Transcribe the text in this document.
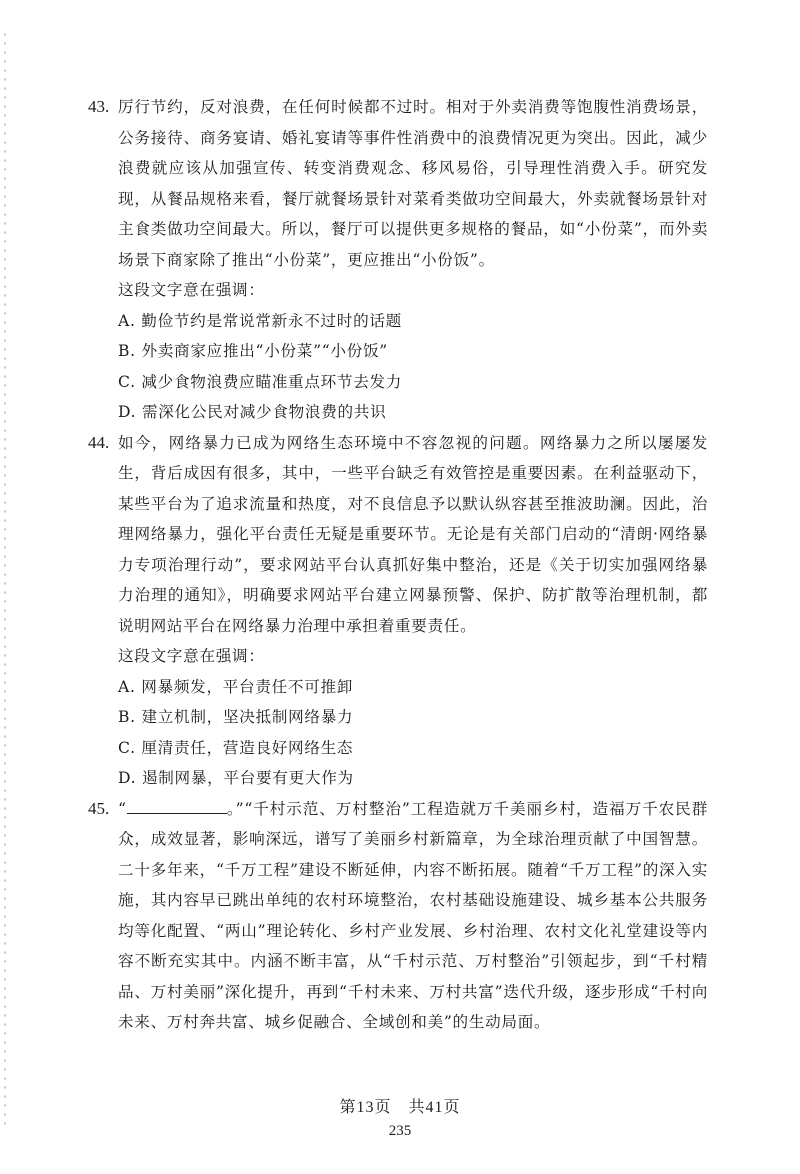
43. 厉行节约，反对浪费，在任何时候都不过时。相对于外卖消费等饱腹性消费场景，公务接待、商务宴请、婚礼宴请等事件性消费中的浪费情况更为突出。因此，减少浪费就应该从加强宣传、转变消费观念、移风易俗，引导理性消费入手。研究发现，从餐品规格来看，餐厅就餐场景针对菜肴类做功空间最大，外卖就餐场景针对主食类做功空间最大。所以，餐厅可以提供更多规格的餐品，如“小份菜”，而外卖场景下商家除了推出“小份菜”，更应推出“小份饭”。

这段文字意在强调：

A. 勤俭节约是常说常新永不过时的话题

B. 外卖商家应推出“小份菜”“小份饭”

C. 减少食物浪费应瞄准重点环节去发力

D. 需深化公民对减少食物浪费的共识

44. 如今，网络暴力已成为网络生态环境中不容忽视的问题。网络暴力之所以屡屡发生，背后成因有很多，其中，一些平台缺乏有效管控是重要因素。在利益驱动下，某些平台为了追求流量和热度，对不良信息予以默认纵容甚至推波助澜。因此，治理网络暴力，强化平台责任无疑是重要环节。无论是有关部门启动的“清朗·网络暴力专项治理行动”，要求网站平台认真抓好集中整治，还是《关于切实加强网络暴力治理的通知》，明确要求网站平台建立网暴预警、保护、防扩散等治理机制，都说明网站平台在网络暴力治理中承担着重要责任。

这段文字意在强调：

A. 网暴频发，平台责任不可推卸

B. 建立机制，坚决抵制网络暴力

C. 厘清责任，营造良好网络生态

D. 遏制网暴，平台要有更大作为

45. “	。”“千村示范、万村整治”工程造就万千美丽乡村，造福万千农民群众，成效显著，影响深远，谱写了美丽乡村新篇章，为全球治理贡献了中国智慧。二十多年来，“千万工程”建设不断延伸，内容不断拓展。随着“千万工程”的深入实施，其内容早已跳出单纯的农村环境整治，农村基础设施建设、城乡基本公共服务均等化配置、“两山”理论转化、乡村产业发展、乡村治理、农村文化礼堂建设等内容不断充实其中。内涵不断丰富，从“千村示范、万村整治”引领起步，到“千村精品、万村美丽”深化提升，再到“千村未来、万村共富”迭代升级，逐步形成“千村向未来、万村奔共富、城乡促融合、全域创和美”的生动局面。

第13页　共41页
235
